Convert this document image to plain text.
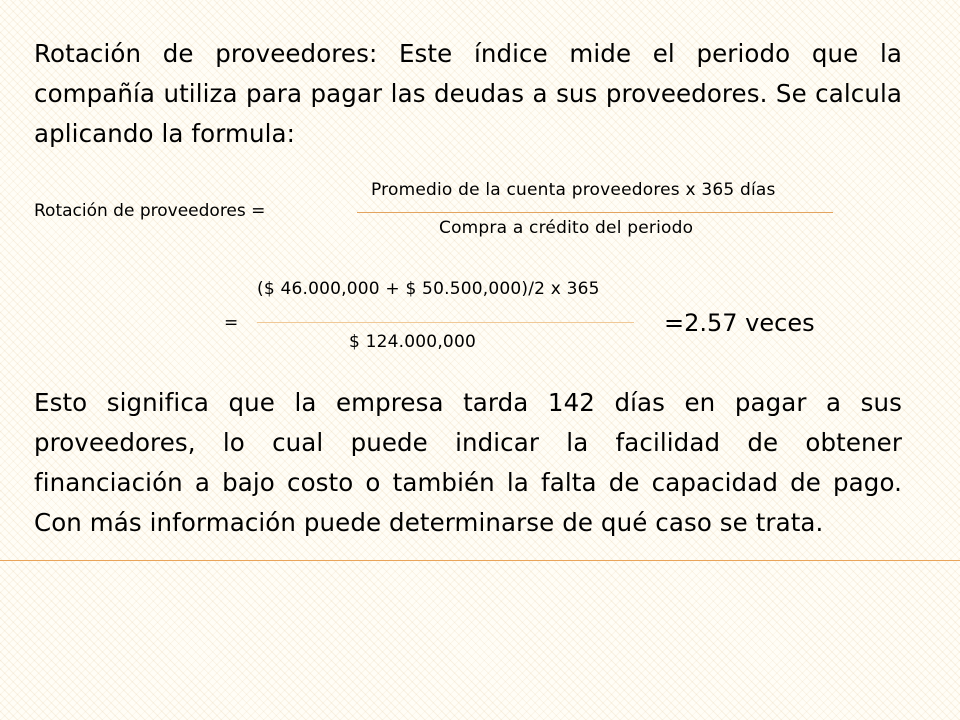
Rotación de proveedores: Este índice mide el periodo que la compañía utiliza para pagar las deudas a sus proveedores. Se calcula aplicando la formula:
Rotación de proveedores =
Promedio de la cuenta proveedores x 365 días
Compra a crédito del periodo
($ 46.000,000 + $ 50.500,000)/2 x 365
=
$ 124.000,000
=2.57 veces
Esto significa que la empresa tarda 142 días en pagar a sus proveedores, lo cual puede indicar la facilidad de obtener financiación a bajo costo o también la falta de capacidad de pago. Con más información puede determinarse de qué caso se trata.
